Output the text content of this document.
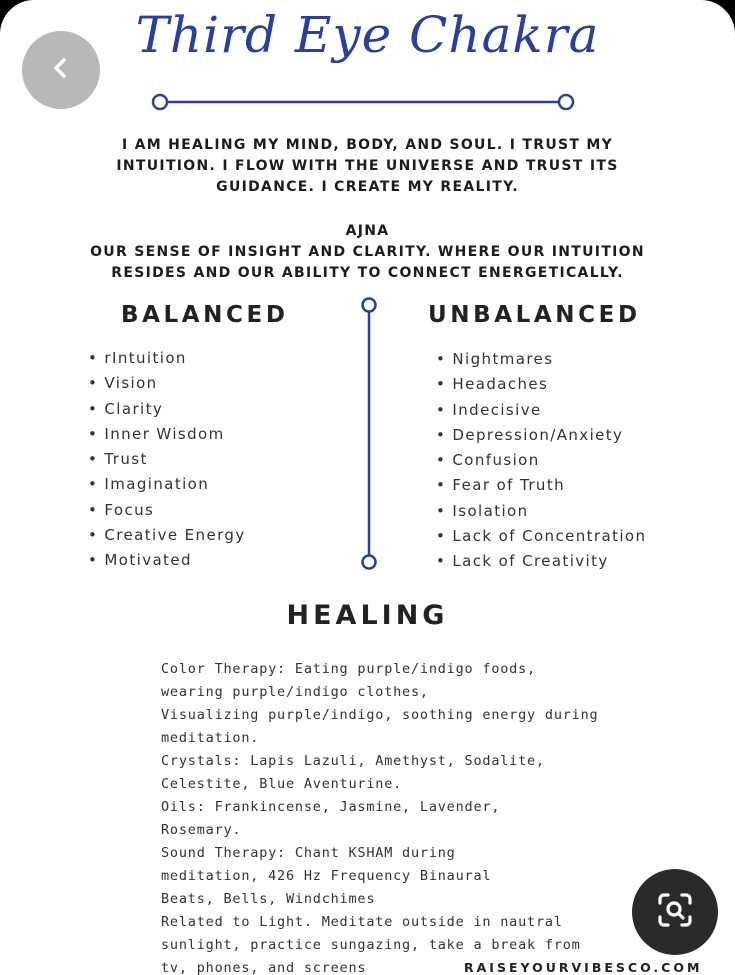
Third Eye Chakra
I AM HEALING MY MIND, BODY, AND SOUL. I TRUST MY
INTUITION. I FLOW WITH THE UNIVERSE AND TRUST ITS
GUIDANCE. I CREATE MY REALITY.
AJNA
OUR SENSE OF INSIGHT AND CLARITY. WHERE OUR INTUITION
RESIDES AND OUR ABILITY TO CONNECT ENERGETICALLY.
BALANCED	UNBALANCED
• rIntuition
• Vision
• Clarity
• Inner Wisdom
• Trust
• Imagination
• Focus
• Creative Energy
• Motivated
• Nightmares
• Headaches
• Indecisive
• Depression/Anxiety
• Confusion
• Fear of Truth
• Isolation
• Lack of Concentration
• Lack of Creativity
HEALING
Color Therapy: Eating purple/indigo foods,
wearing purple/indigo clothes,
Visualizing purple/indigo, soothing energy during
meditation.
Crystals: Lapis Lazuli, Amethyst, Sodalite,
Celestite, Blue Aventurine.
Oils: Frankincense, Jasmine, Lavender,
Rosemary.
Sound Therapy: Chant KSHAM during
meditation, 426 Hz Frequency Binaural
Beats, Bells, Windchimes
Related to Light. Meditate outside in nautral
sunlight, practice sungazing, take a break from
tv, phones, and screens	RAISEYOURVIBESCO.COM
